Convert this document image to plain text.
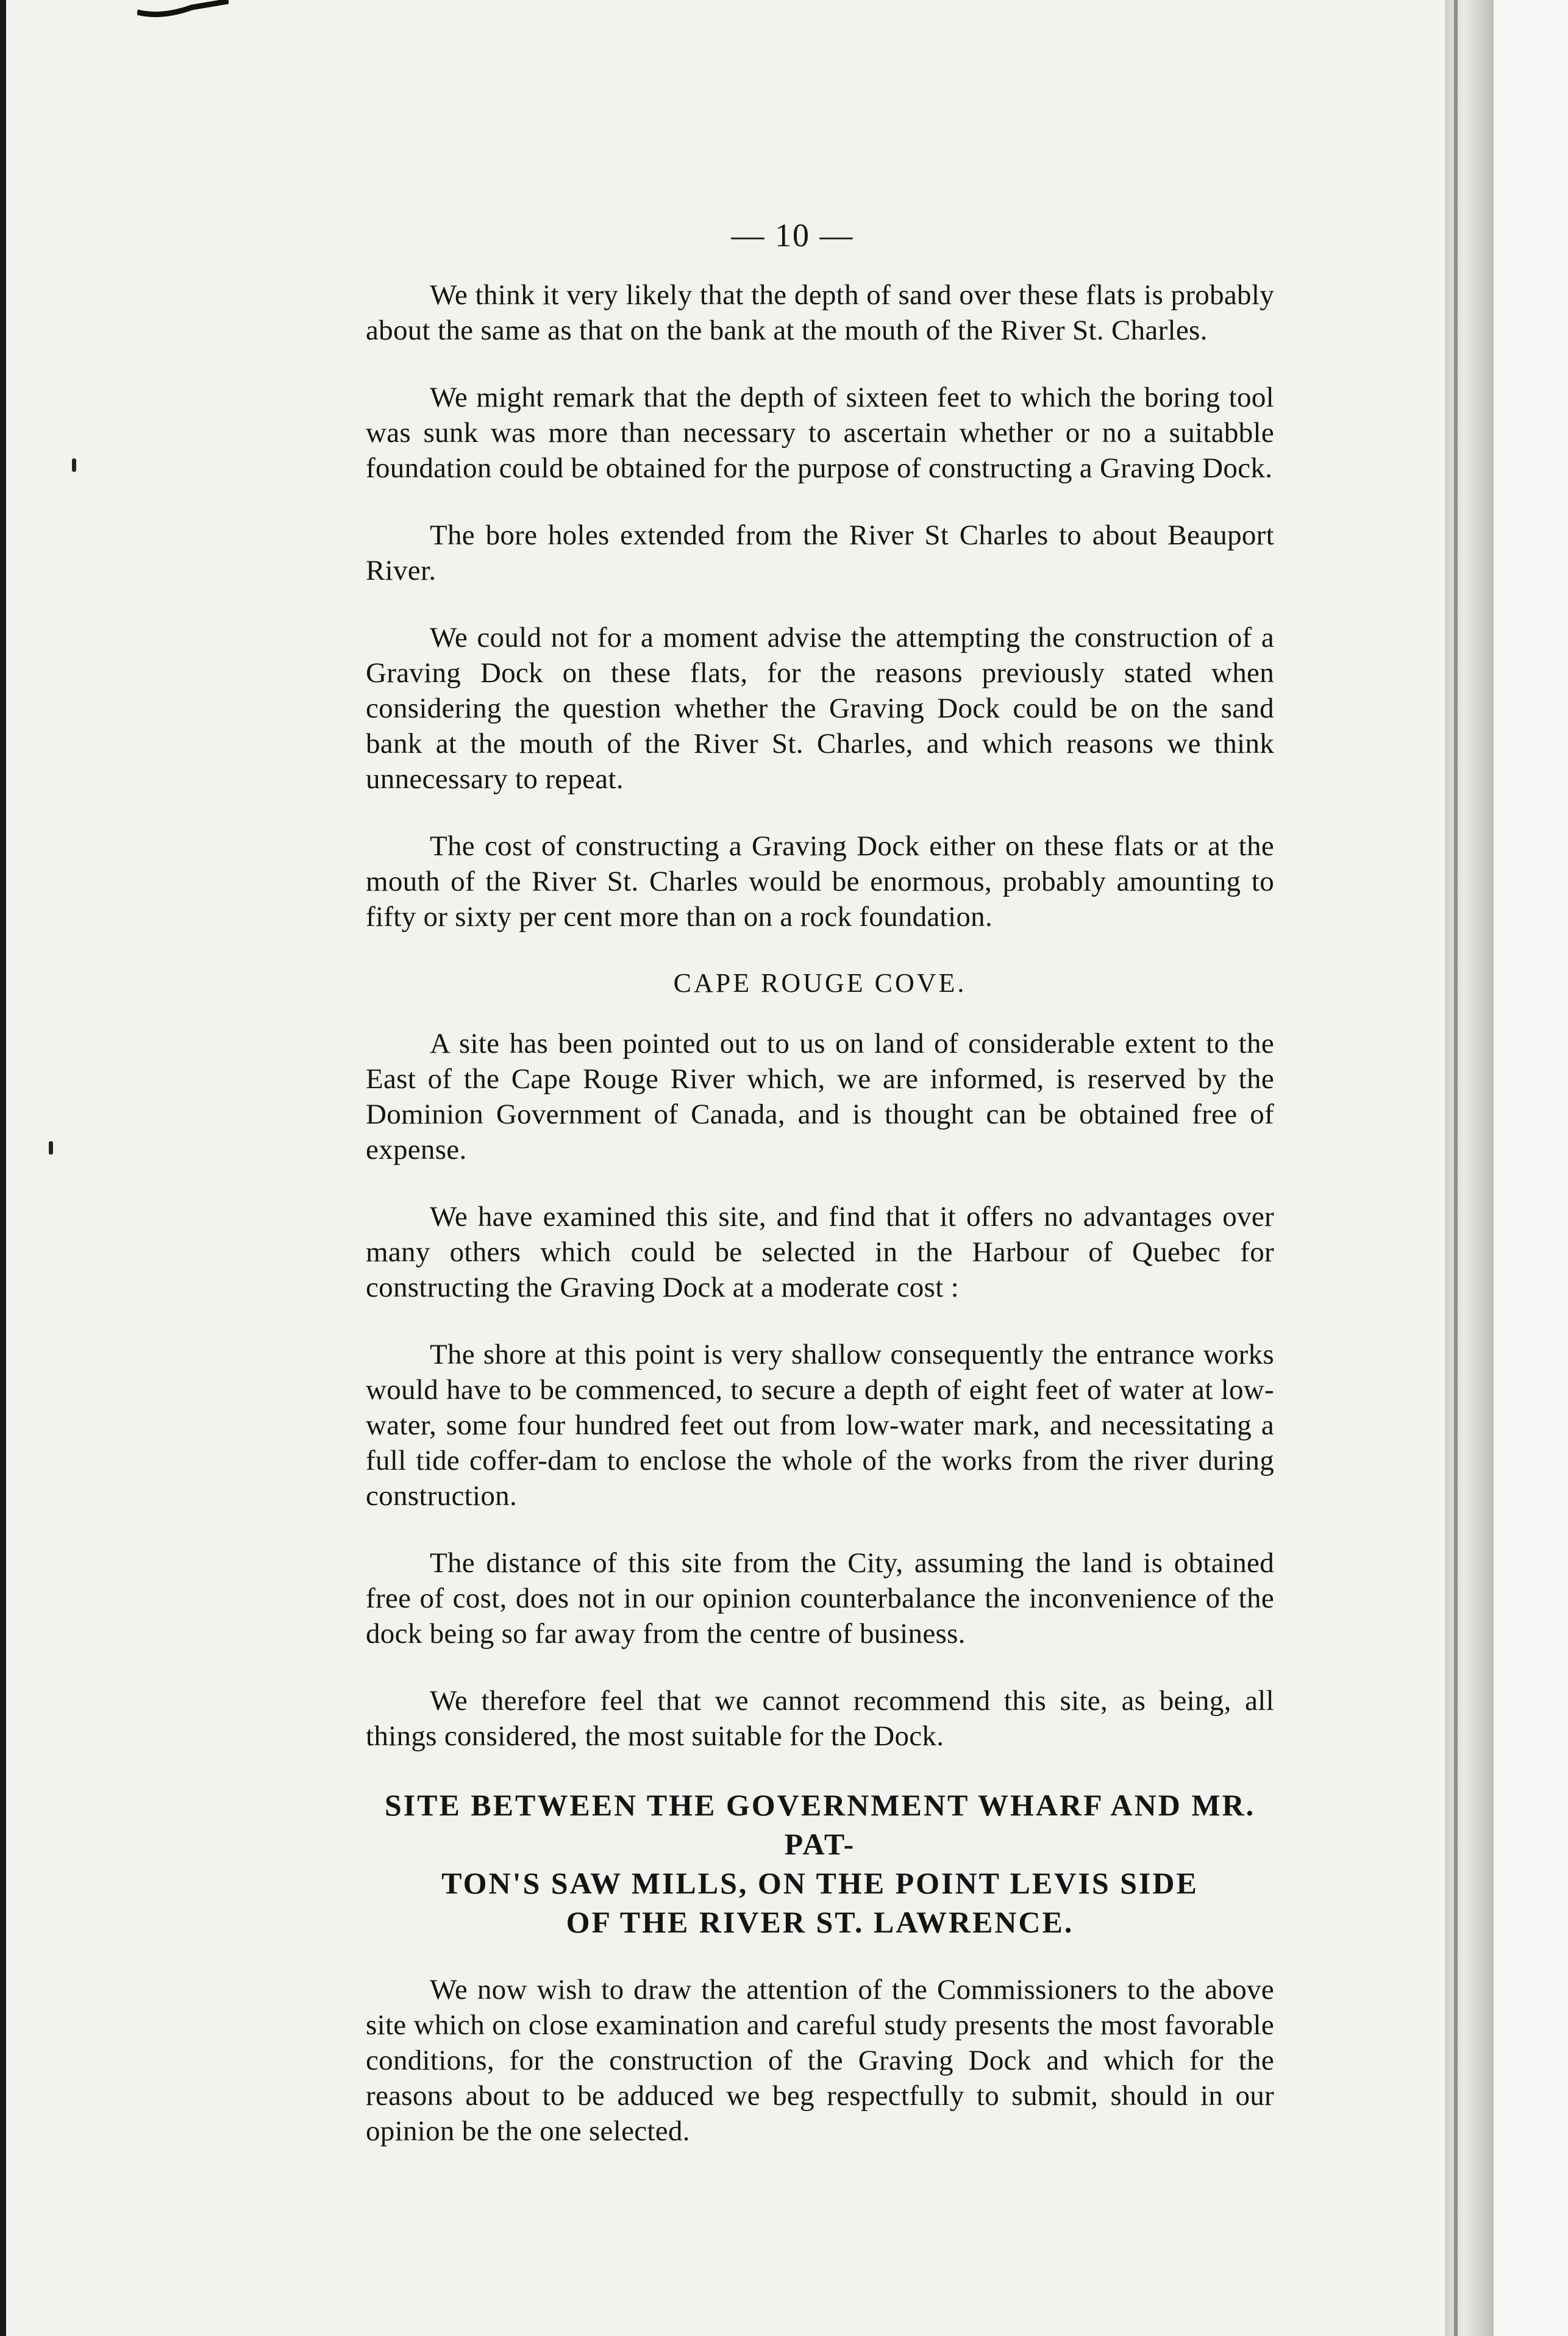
— 10 —

We think it very likely that the depth of sand over these flats is probably about the same as that on the bank at the mouth of the River St. Charles.

We might remark that the depth of sixteen feet to which the boring tool was sunk was more than necessary to ascertain whether or no a suitabble foundation could be obtained for the purpose of constructing a Graving Dock.

The bore holes extended from the River St Charles to about Beauport River.

We could not for a moment advise the attempting the construction of a Graving Dock on these flats, for the reasons previously stated when considering the question whether the Graving Dock could be on the sand bank at the mouth of the River St. Charles, and which reasons we think unnecessary to repeat.

The cost of constructing a Graving Dock either on these flats or at the mouth of the River St. Charles would be enormous, probably amounting to fifty or sixty per cent more than on a rock foundation.

CAPE ROUGE COVE.

A site has been pointed out to us on land of considerable extent to the East of the Cape Rouge River which, we are informed, is reserved by the Dominion Government of Canada, and is thought can be obtained free of expense.

We have examined this site, and find that it offers no advantages over many others which could be selected in the Harbour of Quebec for constructing the Graving Dock at a moderate cost :

The shore at this point is very shallow consequently the entrance works would have to be commenced, to secure a depth of eight feet of water at low-water, some four hundred feet out from low-water mark, and necessitating a full tide coffer-dam to enclose the whole of the works from the river during construction.

The distance of this site from the City, assuming the land is obtained free of cost, does not in our opinion counterbalance the inconvenience of the dock being so far away from the centre of business.

We therefore feel that we cannot recommend this site, as being, all things considered, the most suitable for the Dock.

SITE BETWEEN THE GOVERNMENT WHARF AND MR. PAT-
TON'S SAW MILLS, ON THE POINT LEVIS SIDE
OF THE RIVER ST. LAWRENCE.

We now wish to draw the attention of the Commissioners to the above site which on close examination and careful study presents the most favorable conditions, for the construction of the Graving Dock and which for the reasons about to be adduced we beg respectfully to submit, should in our opinion be the one selected.
